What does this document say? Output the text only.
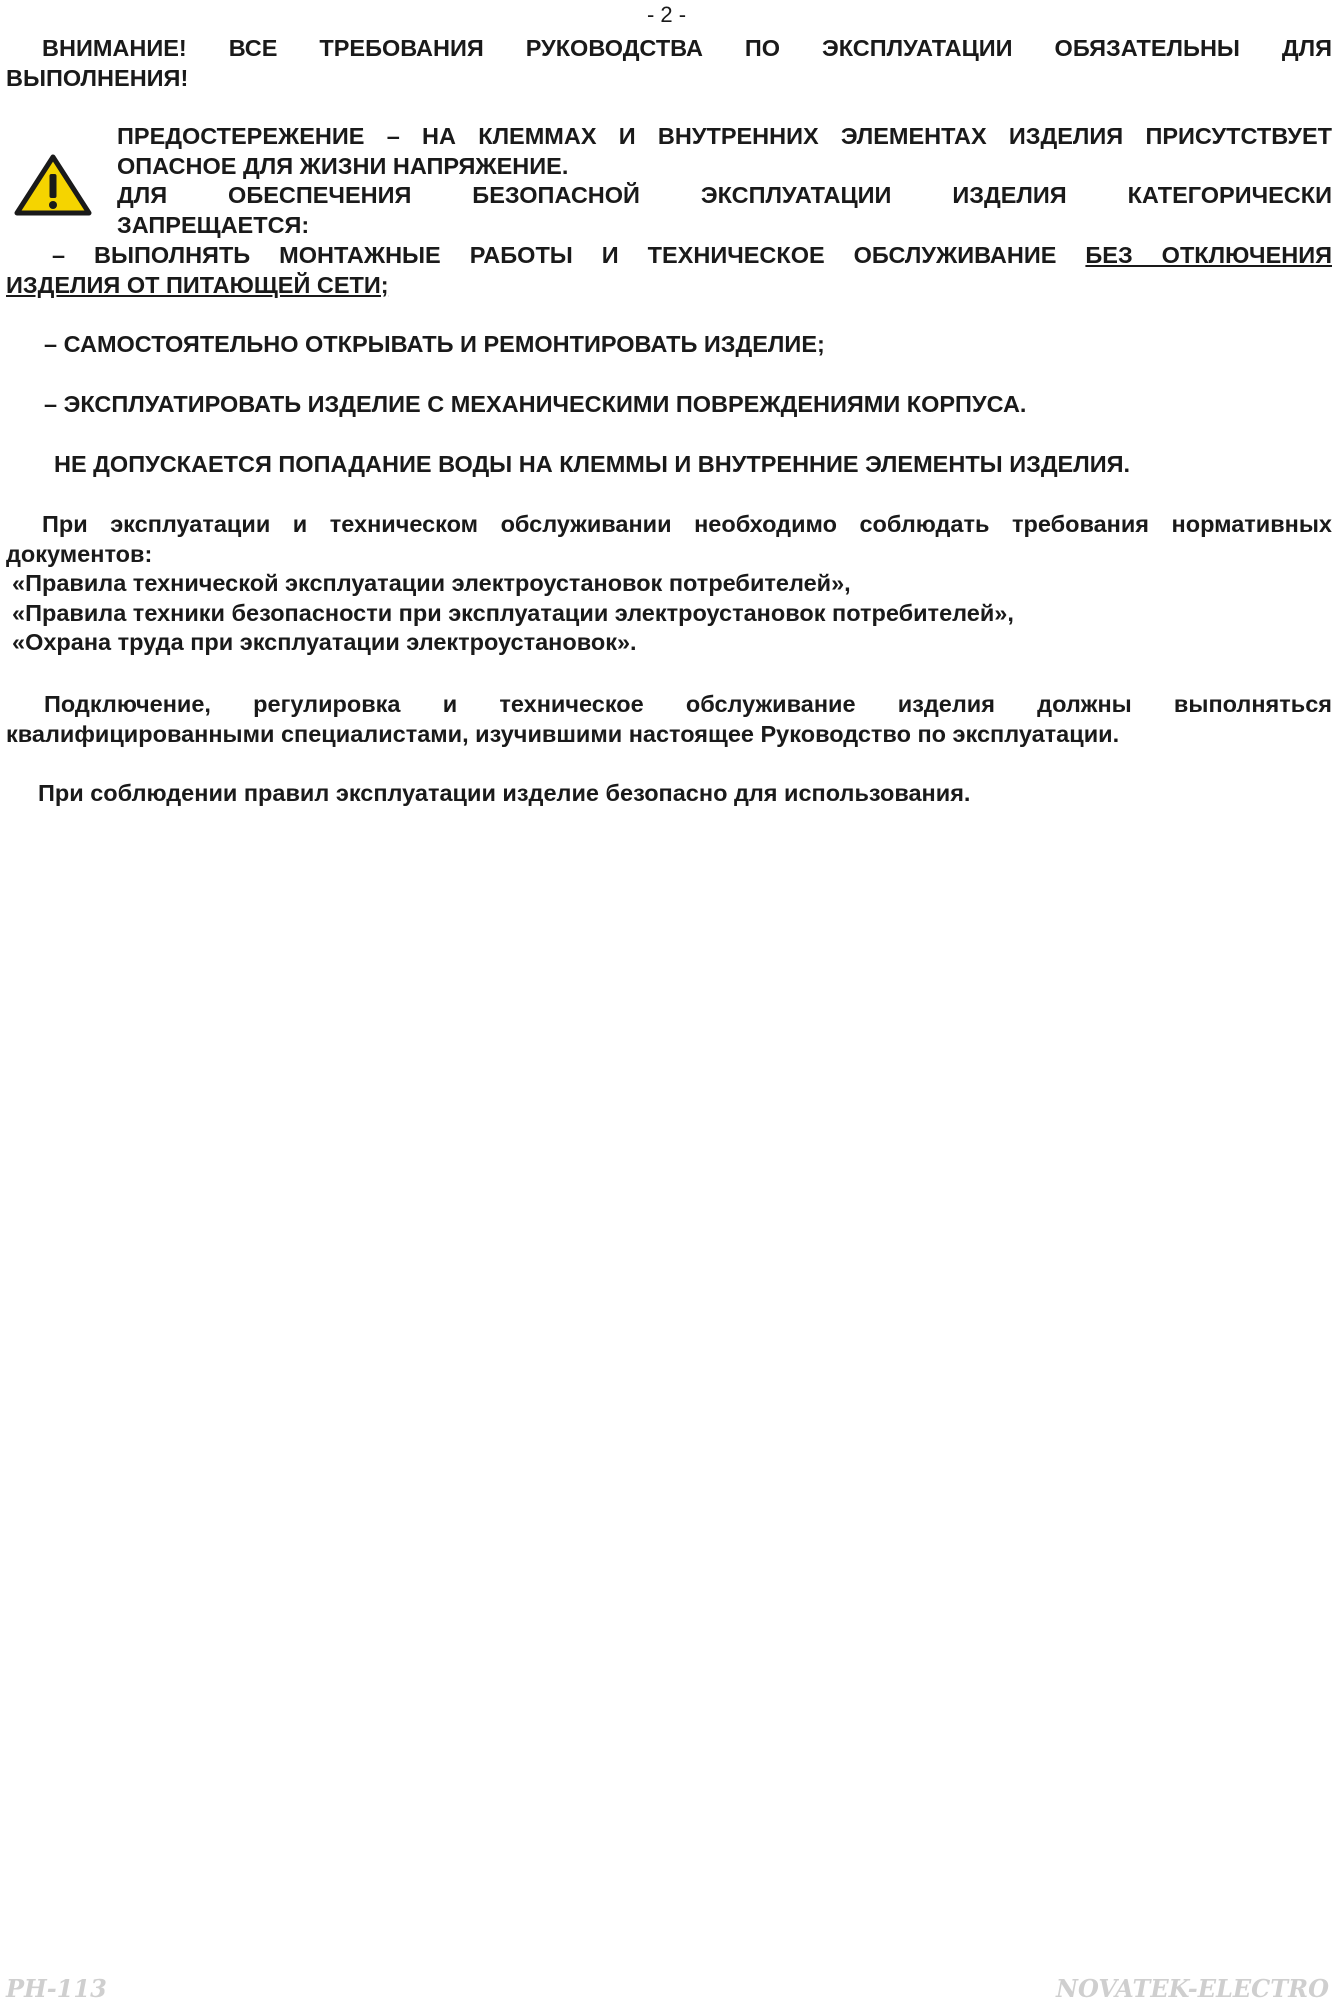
- 2 -
ВНИМАНИЕ! ВСЕ ТРЕБОВАНИЯ РУКОВОДСТВА ПО ЭКСПЛУАТАЦИИ ОБЯЗАТЕЛЬНЫ ДЛЯ
ВЫПОЛНЕНИЯ!
ПРЕДОСТЕРЕЖЕНИЕ – НА КЛЕММАХ И ВНУТРЕННИХ ЭЛЕМЕНТАХ ИЗДЕЛИЯ ПРИСУТСТВУЕТ
ОПАСНОЕ ДЛЯ ЖИЗНИ НАПРЯЖЕНИЕ.
ДЛЯ ОБЕСПЕЧЕНИЯ БЕЗОПАСНОЙ ЭКСПЛУАТАЦИИ ИЗДЕЛИЯ КАТЕГОРИЧЕСКИ
ЗАПРЕЩАЕТСЯ:
– ВЫПОЛНЯТЬ МОНТАЖНЫЕ РАБОТЫ И ТЕХНИЧЕСКОЕ ОБСЛУЖИВАНИЕ БЕЗ ОТКЛЮЧЕНИЯ
ИЗДЕЛИЯ ОТ ПИТАЮЩЕЙ СЕТИ;
– САМОСТОЯТЕЛЬНО ОТКРЫВАТЬ И РЕМОНТИРОВАТЬ ИЗДЕЛИЕ;
– ЭКСПЛУАТИРОВАТЬ ИЗДЕЛИЕ С МЕХАНИЧЕСКИМИ ПОВРЕЖДЕНИЯМИ КОРПУСА.
НЕ ДОПУСКАЕТСЯ ПОПАДАНИЕ ВОДЫ НА КЛЕММЫ И ВНУТРЕННИЕ ЭЛЕМЕНТЫ ИЗДЕЛИЯ.
При эксплуатации и техническом обслуживании необходимо соблюдать требования нормативных
документов:
«Правила технической эксплуатации электроустановок потребителей»,
«Правила техники безопасности при эксплуатации электроустановок потребителей»,
«Охрана труда при эксплуатации электроустановок».
Подключение, регулировка и техническое обслуживание изделия должны выполняться
квалифицированными специалистами, изучившими настоящее Руководство по эксплуатации.
При соблюдении правил эксплуатации изделие безопасно для использования.
РН-113	NOVATEK-ELECTRO
